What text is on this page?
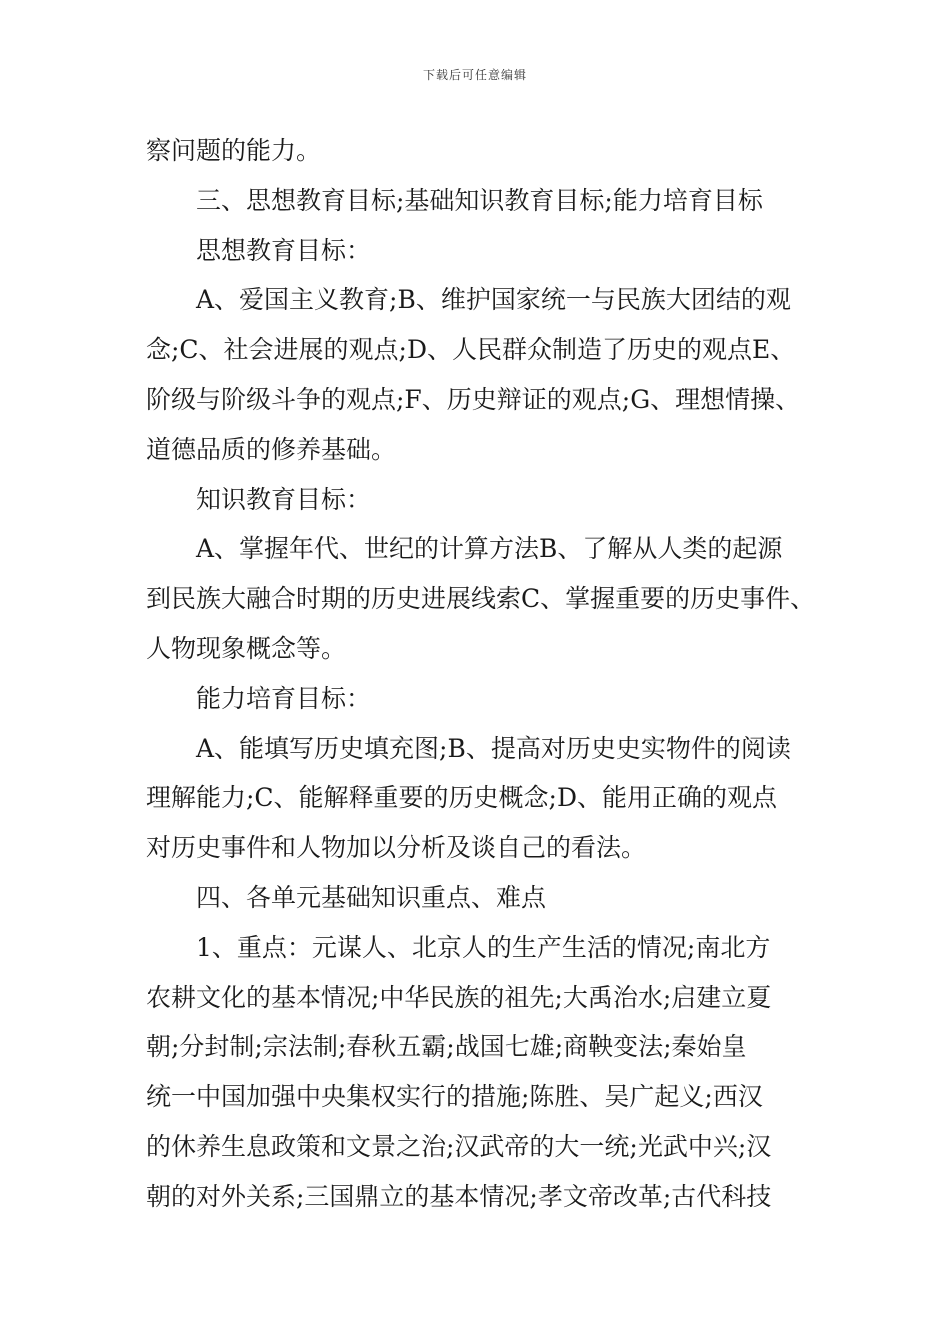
下载后可任意编辑
察问题的能力。
三、思想教育目标;基础知识教育目标;能力培育目标
思想教育目标：
A、爱国主义教育;B、维护国家统一与民族大团结的观
念;C、社会进展的观点;D、人民群众制造了历史的观点E、
阶级与阶级斗争的观点;F、历史辩证的观点;G、理想情操、
道德品质的修养基础。
知识教育目标：
A、掌握年代、世纪的计算方法B、了解从人类的起源
到民族大融合时期的历史进展线索C、掌握重要的历史事件、
人物现象概念等。
能力培育目标：
A、能填写历史填充图;B、提高对历史史实物件的阅读
理解能力;C、能解释重要的历史概念;D、能用正确的观点
对历史事件和人物加以分析及谈自己的看法。
四、各单元基础知识重点、难点
1、重点：元谋人、北京人的生产生活的情况;南北方
农耕文化的基本情况;中华民族的祖先;大禹治水;启建立夏
朝;分封制;宗法制;春秋五霸;战国七雄;商鞅变法;秦始皇
统一中国加强中央集权实行的措施;陈胜、吴广起义;西汉
的休养生息政策和文景之治;汉武帝的大一统;光武中兴;汉
朝的对外关系;三国鼎立的基本情况;孝文帝改革;古代科技
